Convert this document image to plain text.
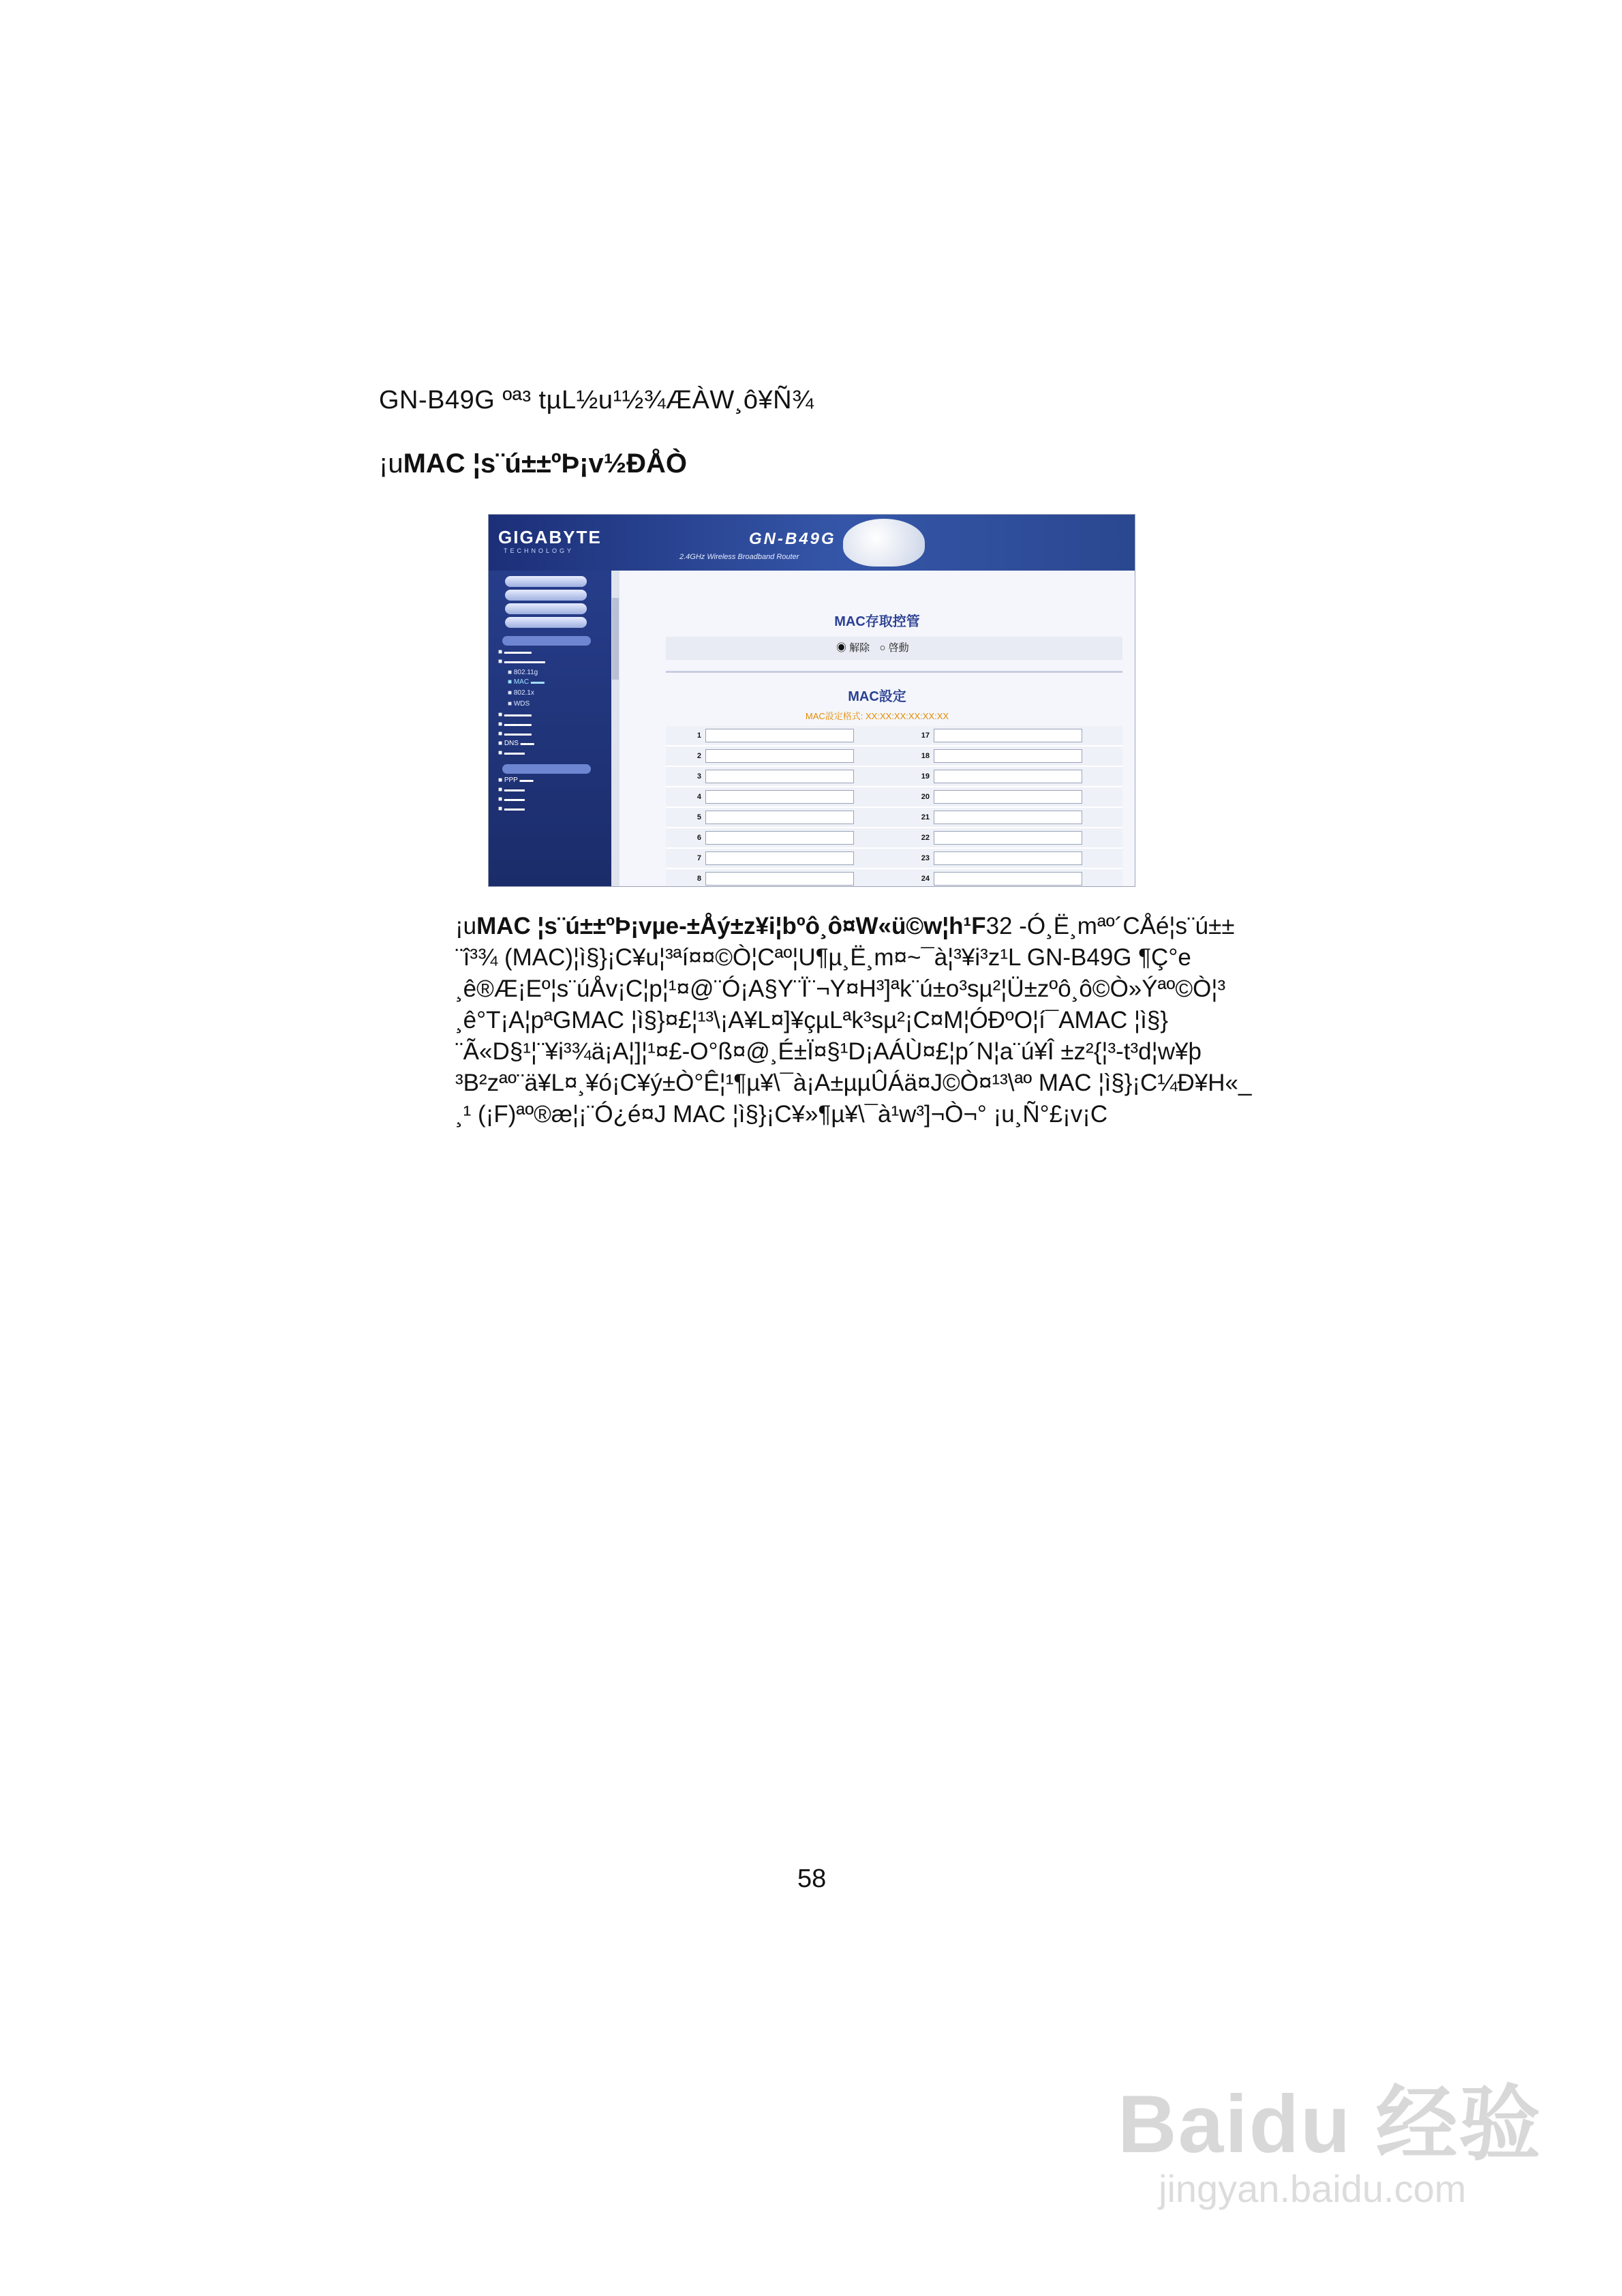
GN-B49G ºª³ tµL½u¹½¾ÆÀW¸ô¥Ñ¾
¡uMAC ¦s¨ú±±ºÞ¡v½ÐÅÒ
GIGABYTE
TECHNOLOGY
GN-B49G
2.4GHz Wireless Broadband Router
■ ▬▬▬▬
■ ▬▬▬▬▬▬
■ 802.11g
■ MAC ▬▬
■ 802.1x
■ WDS
■ ▬▬▬▬
■ ▬▬▬▬
■ ▬▬▬▬
■ DNS ▬▬
■ ▬▬▬
■ PPP ▬▬
■ ▬▬▬
■ ▬▬▬
■ ▬▬▬
MAC存取控管
◉ 解除 ○ 啓動
MAC設定
MAC設定格式: XX:XX:XX:XX:XX:XX
1	17
2	18
3	19
4	20
5	21
6	22
7	23
8	24

¡uMAC ¦s¨ú±±ºÞ¡vµe-±Åý±z¥i¦bºô¸ô¤W«ü©w¦h¹F32 -Ó¸Ë¸mªº´CÅé¦s¨ú±±

¨î³¾ (MAC)¦ì§}¡C¥u¦³ªí¤¤©Ò¦Cªº¦U¶µ¸Ë¸m¤~¯à¦³¥i³z¹L GN-B49G ¶Ç°e

¸ê®Æ¡Eº¦s¨úÅv¡C¦p¦¹¤@¨Ó¡A§Y¨Ï¨¬Y¤H³]ªk¨ú±o³sµ²¦Ü±zºô¸ô©Ò»Ýªº©Ò¦³

¸ê°T¡A¦pªGMAC ¦ì§}¤£¦¹³\¡A¥L¤]¥çµLªk³sµ²¡C¤M¦ÓÐºO¦í¯AMAC ¦ì§}

¨Ã«D§¹¦¨¥i³¾ä¡A¦]¦¹¤£-O°ß¤@¸É±Ï¤§¹D¡AÁÙ¤£¦p´N¦a¨ú¥Î ±z²{¦³-t³d¦w¥þ

³B²zªº¨ä¥L¤¸¥ó¡C¥ý±Ò°Ê¦¹¶µ¥\¯à¡A±µµÛÁä¤J©Ò¤¹³\ªº MAC ¦ì§}¡C¼Ð¥H«_

¸¹ (¡F)ªº®æ¦¡¨Ó¿é¤J MAC ¦ì§}¡C¥»¶µ¥\¯à¹w³]¬Ò¬° ¡u¸Ñ°£¡v¡C

58
Baidu 经验
jingyan.baidu.com
